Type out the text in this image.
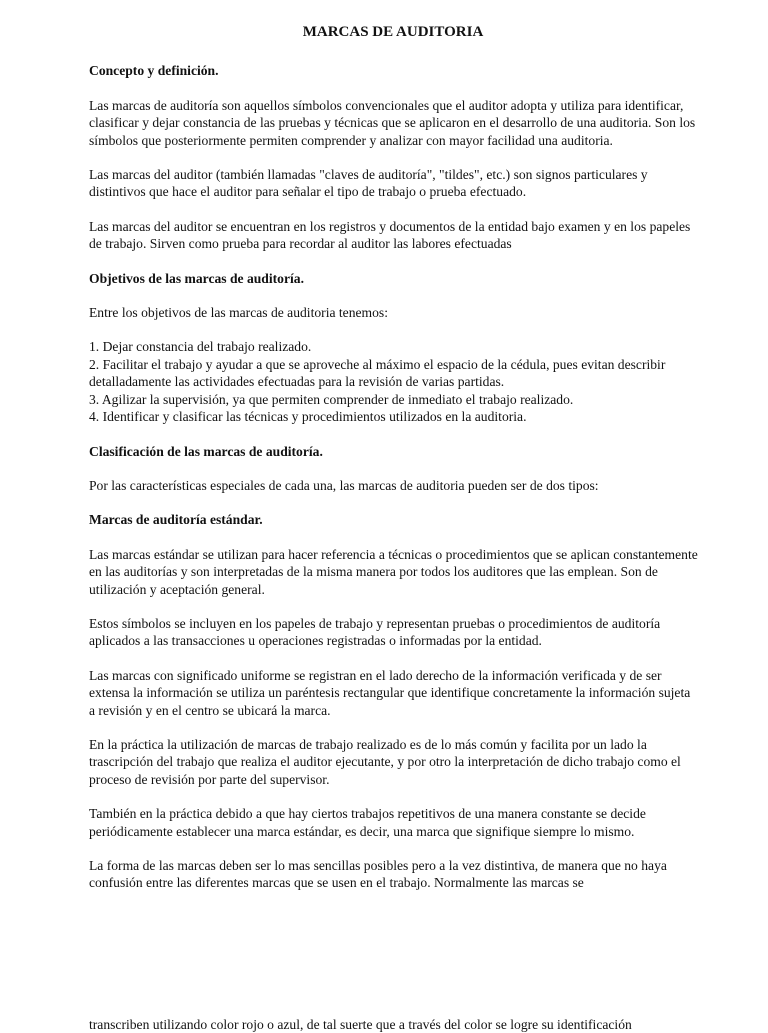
MARCAS DE AUDITORIA
Concepto y definición.
Las marcas de auditoría son aquellos símbolos convencionales que el auditor adopta y utiliza para identificar, clasificar y dejar constancia de las pruebas y técnicas que se aplicaron en el desarrollo de una auditoria. Son los símbolos que posteriormente permiten comprender y analizar con mayor facilidad una auditoria.
Las marcas del auditor (también llamadas "claves de auditoría", "tildes", etc.) son signos particulares y distintivos que hace el auditor para señalar el tipo de trabajo o prueba efectuado.
Las marcas del auditor se encuentran en los registros y documentos de la entidad bajo examen y en los papeles de trabajo. Sirven como prueba para recordar al auditor las labores efectuadas
Objetivos de las marcas de auditoría.
Entre los objetivos de las marcas de auditoria tenemos:
1. Dejar constancia del trabajo realizado.
2. Facilitar el trabajo y ayudar a que se aproveche al máximo el espacio de la cédula, pues evitan describir detalladamente las actividades efectuadas para la revisión de varias partidas.
3. Agilizar la supervisión, ya que permiten comprender de inmediato el trabajo realizado.
4. Identificar y clasificar las técnicas y procedimientos utilizados en la auditoria.
Clasificación de las marcas de auditoría.
Por las características especiales de cada una, las marcas de auditoria pueden ser de dos tipos:
Marcas de auditoría estándar.
Las marcas estándar se utilizan para hacer referencia a técnicas o procedimientos que se aplican constantemente en las auditorías y son interpretadas de la misma manera por todos los auditores que las emplean. Son de utilización y aceptación general.
Estos símbolos se incluyen en los papeles de trabajo y representan pruebas o procedimientos de auditoría aplicados a las transacciones u operaciones registradas o informadas por la entidad.
Las marcas con significado uniforme se registran en el lado derecho de la información verificada y de ser extensa la información se utiliza un paréntesis rectangular que identifique concretamente la información sujeta a revisión y en el centro se ubicará la marca.
En la práctica la utilización de marcas de trabajo realizado es de lo más común y facilita por un lado la trascripción del trabajo que realiza el auditor ejecutante, y por otro la interpretación de dicho trabajo como el proceso de revisión por parte del supervisor.
También en la práctica debido a que hay ciertos trabajos repetitivos de una manera constante se decide periódicamente establecer una marca estándar, es decir, una marca que signifique siempre lo mismo.
La forma de las marcas deben ser lo mas sencillas posibles pero a la vez distintiva, de manera que no haya confusión entre las diferentes marcas que se usen en el trabajo. Normalmente las marcas se
transcriben utilizando color rojo o azul, de tal suerte que a través del color se logre su identificación
